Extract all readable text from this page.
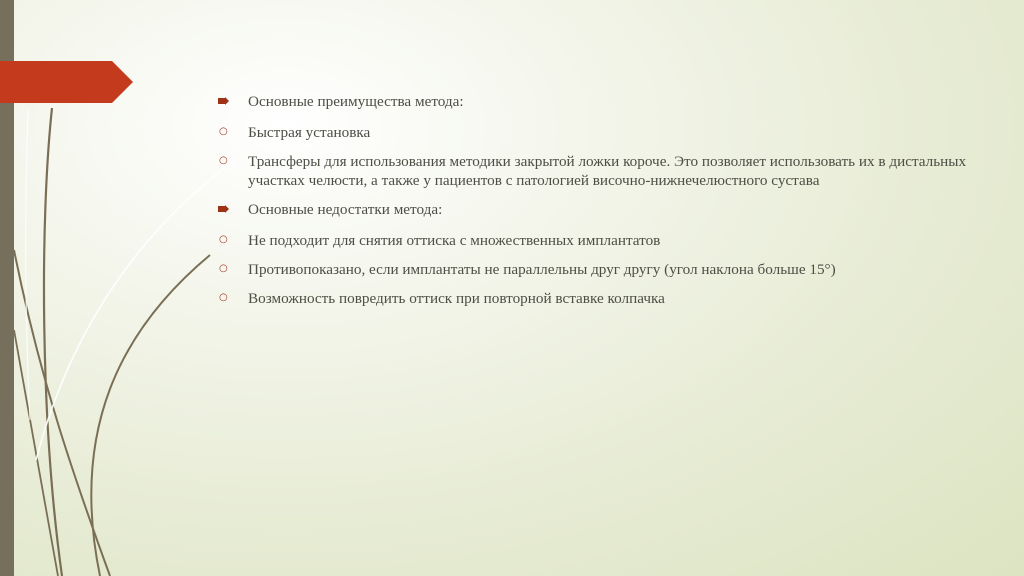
Основные преимущества метода:
○	Быстрая установка
○	Трансферы для использования методики закрытой ложки короче. Это позволяет использовать их в дистальных участках челюсти, а также у пациентов с патологией височно-нижнечелюстного сустава
Основные недостатки метода:
○	Не подходит для снятия оттиска с множественных имплантатов
○	Противопоказано, если имплантаты не параллельны друг другу (угол наклона больше 15°)
○	Возможность повредить оттиск при повторной вставке колпачка
